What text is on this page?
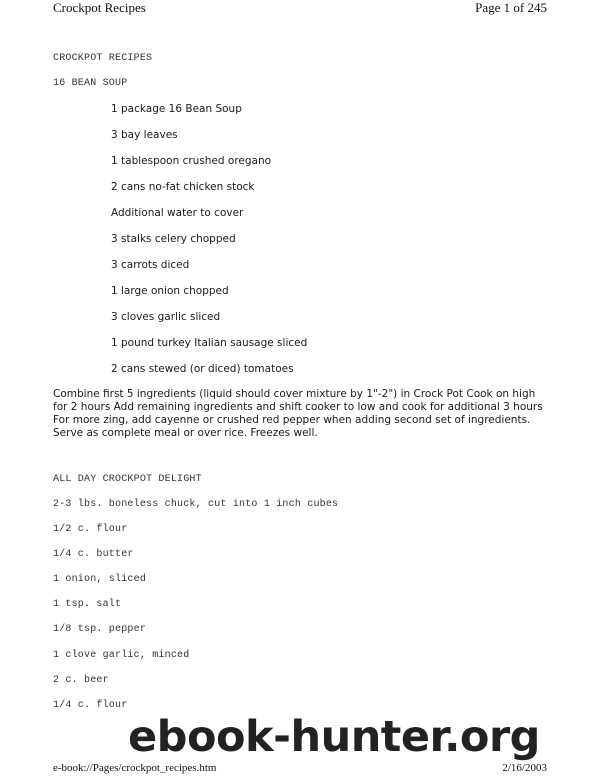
Crockpot Recipes	Page 1 of 245
CROCKPOT RECIPES
16 BEAN SOUP
1 package 16 Bean Soup
3 bay leaves
1 tablespoon crushed oregano
2 cans no-fat chicken stock
Additional water to cover
3 stalks celery chopped
3 carrots diced
1 large onion chopped
3 cloves garlic sliced
1 pound turkey Italian sausage sliced
2 cans stewed (or diced) tomatoes

Combine first 5 ingredients (liquid should cover mixture by 1"-2") in Crock Pot Cook on high for 2 hours Add remaining ingredients and shift cooker to low and cook for additional 3 hours For more zing, add cayenne or crushed red pepper when adding second set of ingredients. Serve as complete meal or over rice. Freezes well.

ALL DAY CROCKPOT DELIGHT
2-3 lbs. boneless chuck, cut into 1 inch cubes
1/2 c. flour
1/4 c. butter
1 onion, sliced
1 tsp. salt
1/8 tsp. pepper
1 clove garlic, minced
2 c. beer
1/4 c. flour
ebook-hunter.org
e-book://Pages/crockpot_recipes.htm	2/16/2003
